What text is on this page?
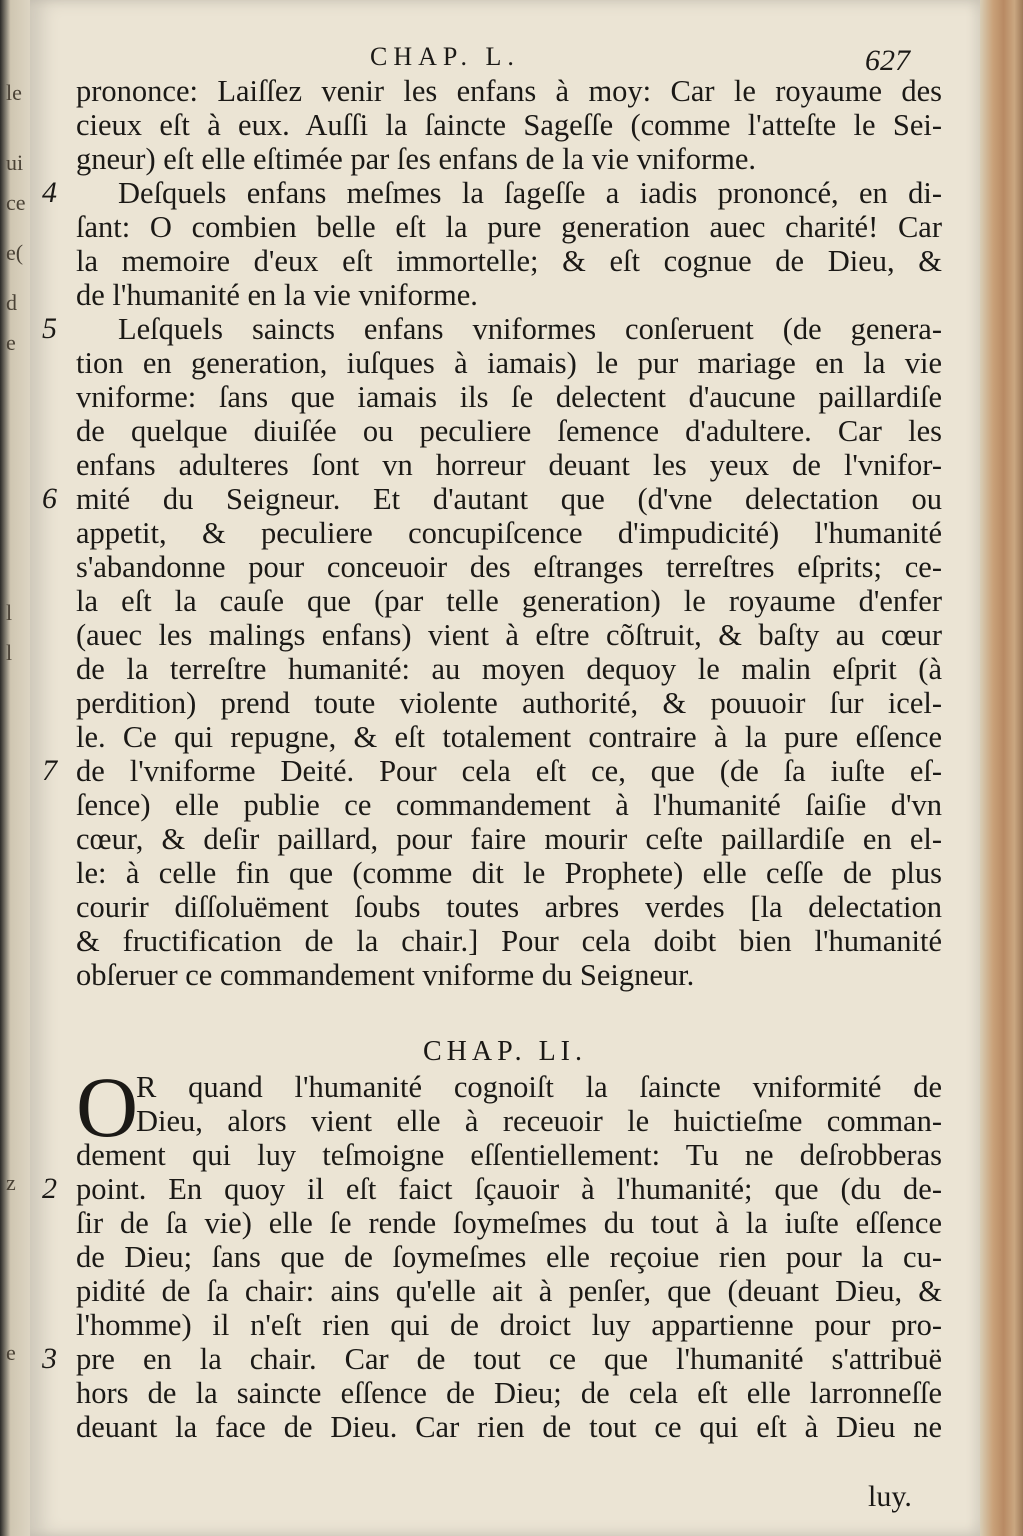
le
ui
ce
e(
d
e
l
l
z
e
CHAP. L.	627
prononce: Laiſſez venir les enfans à moy: Car le royaume des
cieux eſt à eux. Auſſi la ſaincte Sageſſe (comme l'atteſte le Sei-
gneur) eſt elle eſtimée par ſes enfans de la vie vniforme.
Deſquels enfans meſmes la ſageſſe a iadis prononcé, en di-
ſant: O combien belle eſt la pure generation auec charité! Car
la memoire d'eux eſt immortelle; & eſt cognue de Dieu, &
de l'humanité en la vie vniforme.
Leſquels saincts enfans vniformes conſeruent (de genera-
tion en generation, iuſques à iamais) le pur mariage en la vie
vniforme: ſans que iamais ils ſe delectent d'aucune paillardiſe
de quelque diuiſée ou peculiere ſemence d'adultere. Car les
enfans adulteres ſont vn horreur deuant les yeux de l'vnifor-
mité du Seigneur. Et d'autant que (d'vne delectation ou
appetit, & peculiere concupiſcence d'impudicité) l'humanité
s'abandonne pour conceuoir des eſtranges terreſtres eſprits; ce-
la eſt la cauſe que (par telle generation) le royaume d'enfer
(auec les malings enfans) vient à eſtre cõſtruit, & baſty au cœur
de la terreſtre humanité: au moyen dequoy le malin eſprit (à
perdition) prend toute violente authorité, & pouuoir ſur icel-
le. Ce qui repugne, & eſt totalement contraire à la pure eſſence
de l'vniforme Deité. Pour cela eſt ce, que (de ſa iuſte eſ-
ſence) elle publie ce commandement à l'humanité ſaiſie d'vn
cœur, & deſir paillard, pour faire mourir ceſte paillardiſe en el-
le: à celle fin que (comme dit le Prophete) elle ceſſe de plus
courir diſſoluëment ſoubs toutes arbres verdes [la delectation
& fructification de la chair.] Pour cela doibt bien l'humanité
obſeruer ce commandement vniforme du Seigneur.
4
5
6
7
CHAP. LI.
O
R quand l'humanité cognoiſt la ſaincte vniformité de
Dieu, alors vient elle à receuoir le huictieſme comman-
dement qui luy teſmoigne eſſentiellement: Tu ne deſrobberas
point. En quoy il eſt faict ſçauoir à l'humanité; que (du de-
ſir de ſa vie) elle ſe rende ſoymeſmes du tout à la iuſte eſſence
de Dieu; ſans que de ſoymeſmes elle reçoiue rien pour la cu-
pidité de ſa chair: ains qu'elle ait à penſer, que (deuant Dieu, &
l'homme) il n'eſt rien qui de droict luy appartienne pour pro-
pre en la chair. Car de tout ce que l'humanité s'attribuë
hors de la saincte eſſence de Dieu; de cela eſt elle larronneſſe
deuant la face de Dieu. Car rien de tout ce qui eſt à Dieu ne
2
3
luy.
